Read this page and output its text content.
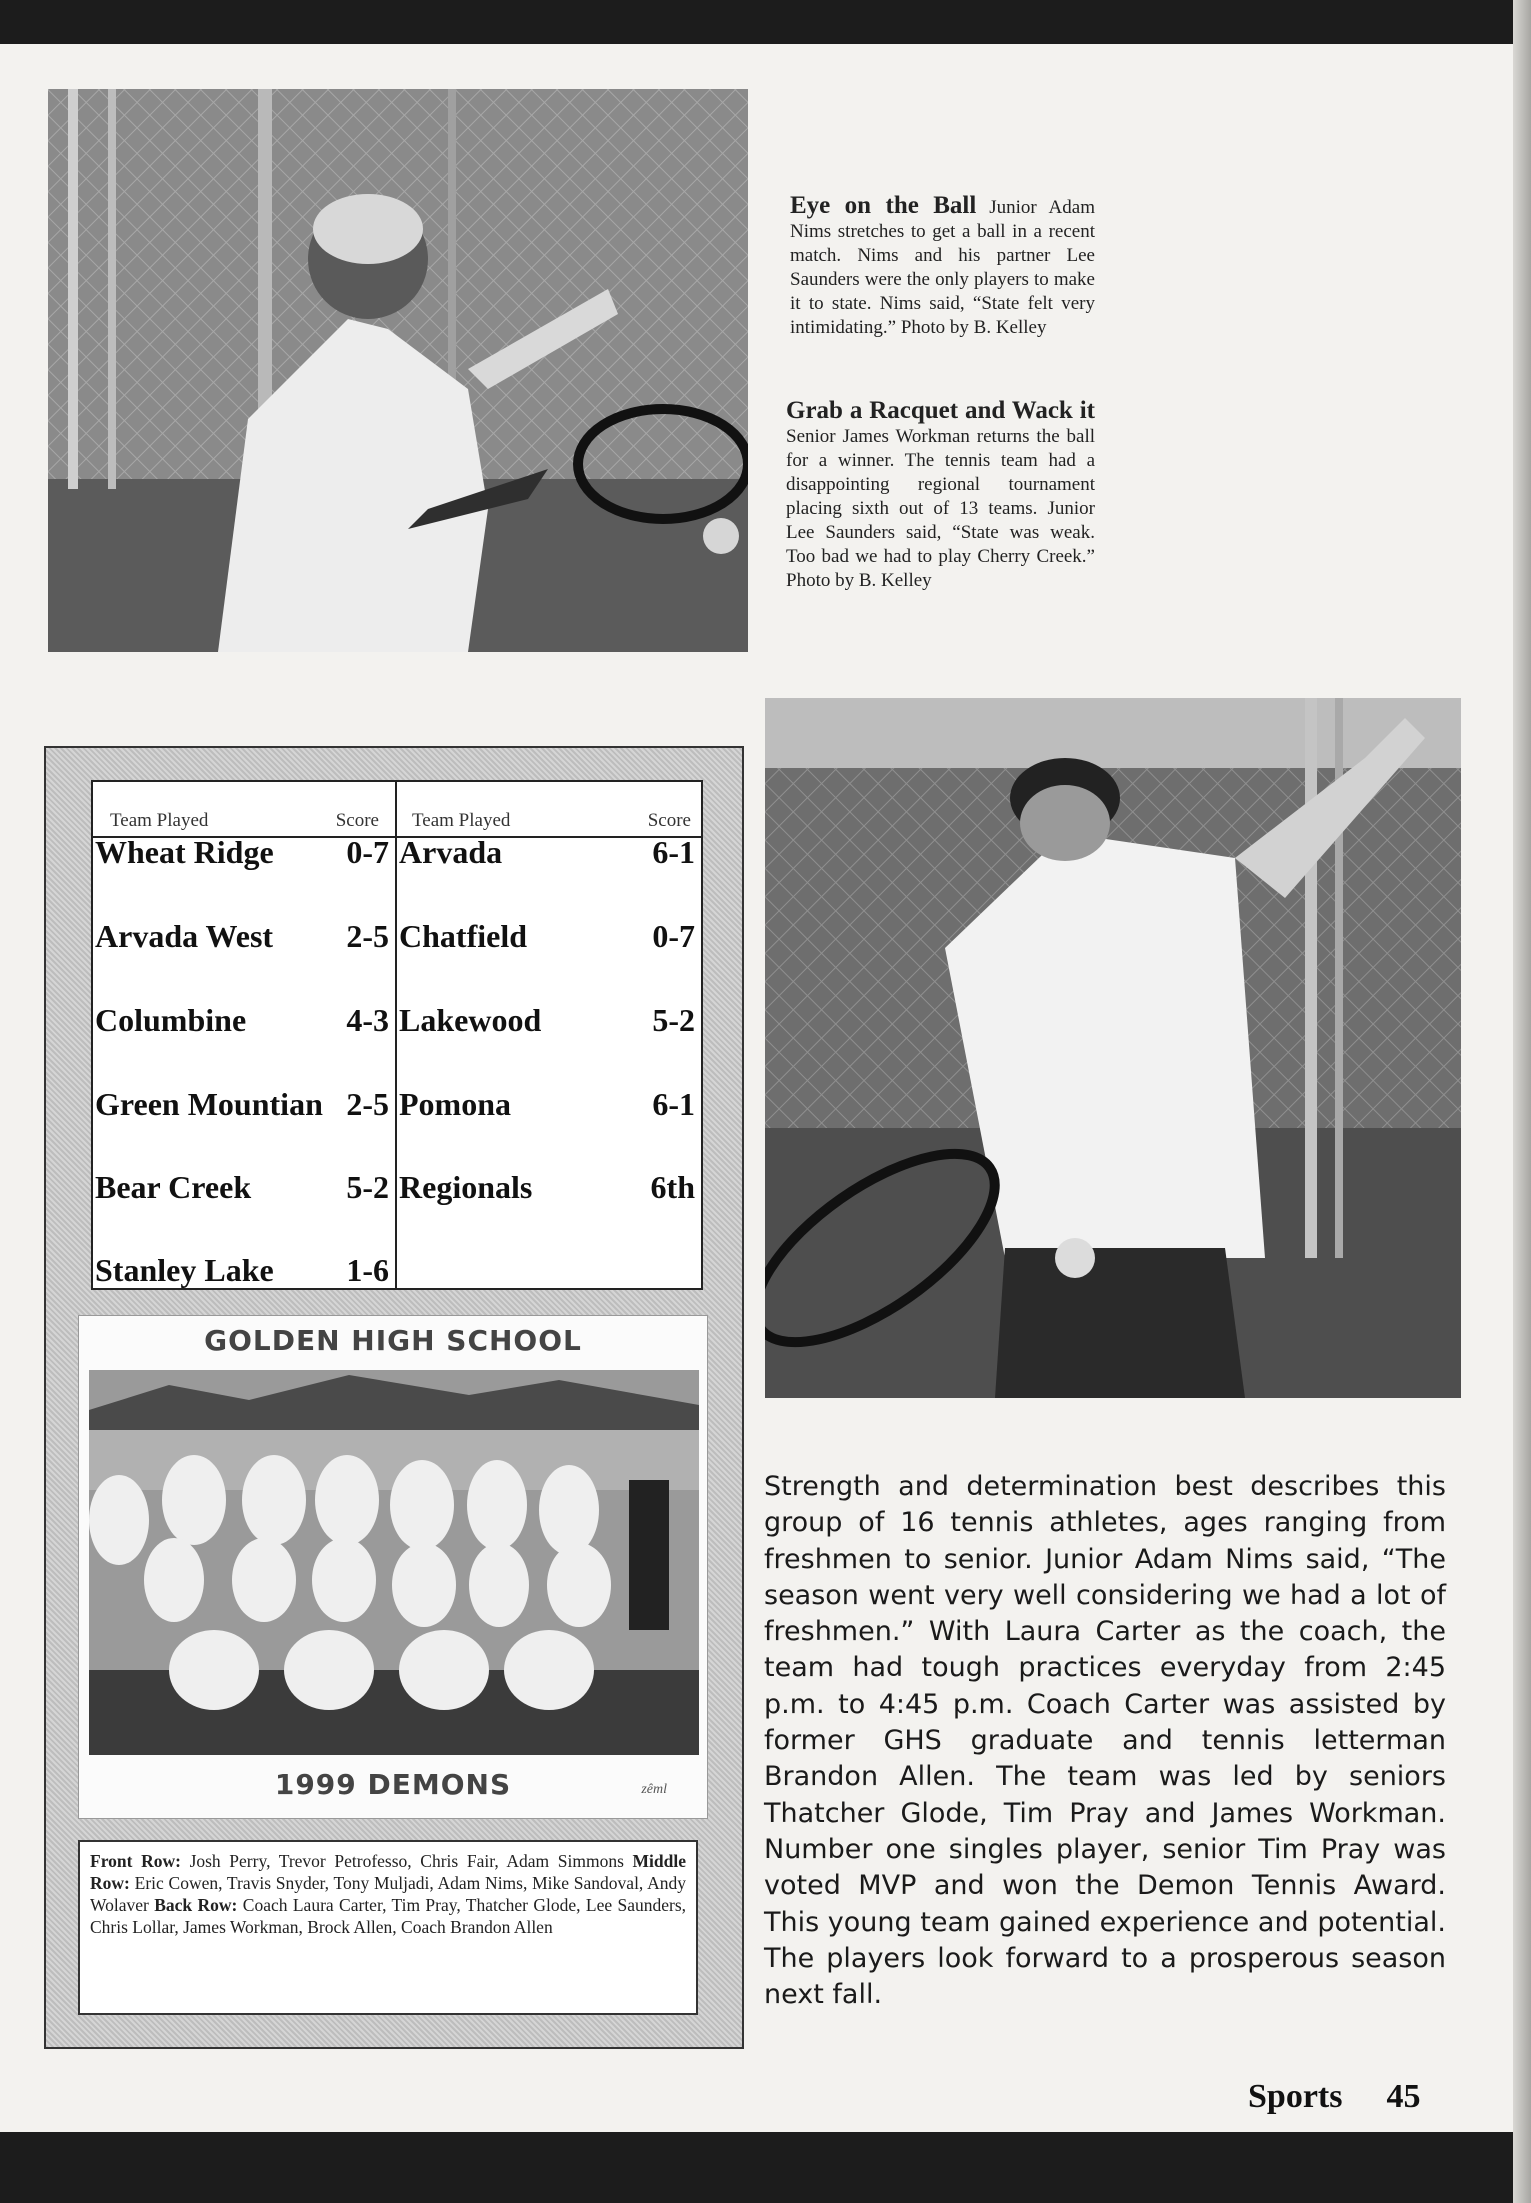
Eye on the Ball Junior Adam Nims stretches to get a ball in a recent match. Nims and his partner Lee Saunders were the only players to make it to state. Nims said, “State felt very intimidating.” Photo by B. Kelley
Grab a Racquet and Wack it Senior James Workman returns the ball for a winner. The tennis team had a disappointing regional tournament placing sixth out of 13 teams. Junior Lee Saunders said, “State was weak. Too bad we had to play Cherry Creek.” Photo by B. Kelley
Team Played	Score
Wheat Ridge 0-7
Arvada West 2-5
Columbine	4-3
Green Mountian 2-5
Bear Creek	5-2
Stanley Lake 1-6
Team Played	Score
Arvada	6-1
Chatfield	0-7
Lakewood	5-2
Pomona	6-1
Regionals	6th
GOLDEN HIGH SCHOOL
1999 DEMONS	zêml
Front Row: Josh Perry, Trevor Petrofesso, Chris Fair, Adam Simmons Middle Row: Eric Cowen, Travis Snyder, Tony Muljadi, Adam Nims, Mike Sandoval, Andy Wolaver Back Row: Coach Laura Carter, Tim Pray, Thatcher Glode, Lee Saunders, Chris Lollar, James Workman, Brock Allen, Coach Brandon Allen
Strength and determination best describes this group of 16 tennis athletes, ages ranging from freshmen to senior. Junior Adam Nims said, “The season went very well considering we had a lot of freshmen.” With Laura Carter as the coach, the team had tough practices everyday from 2:45 p.m. to 4:45 p.m. Coach Carter was assisted by former GHS graduate and tennis letterman Brandon Allen. The team was led by seniors Thatcher Glode, Tim Pray and James Workman. Number one singles player, senior Tim Pray was voted MVP and won the Demon Tennis Award. This young team gained experience and potential. The players look forward to a prosperous season next fall.
Sports 45
